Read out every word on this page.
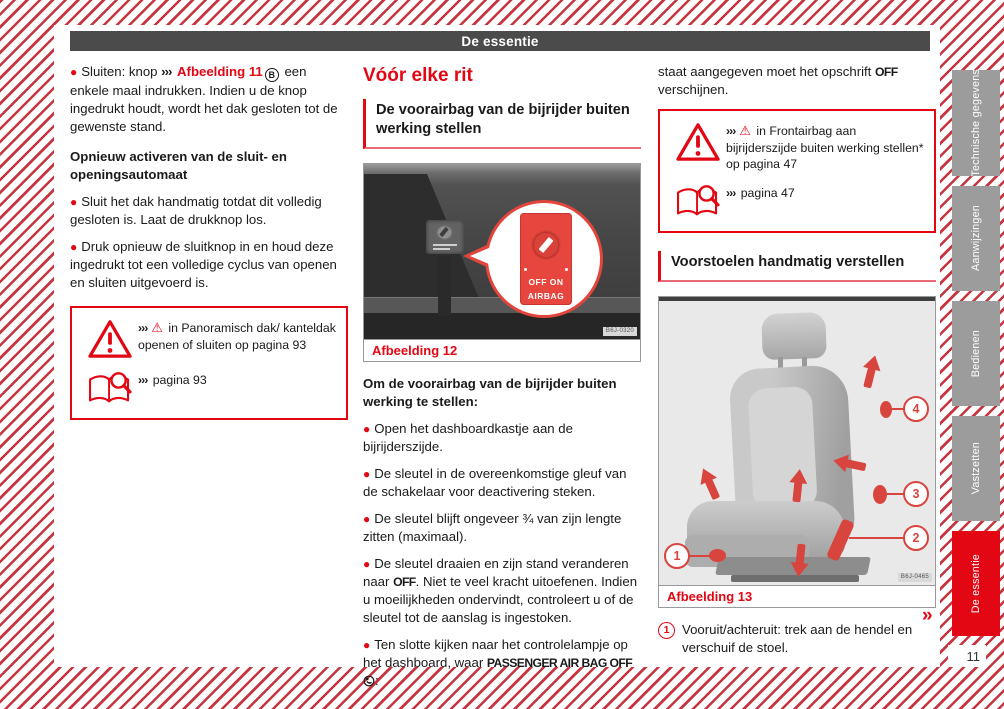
De essentie

● Sluiten: knop ››› Afbeelding 11 B een enkele maal indrukken. Indien u de knop ingedrukt houdt, wordt het dak gesloten tot de gewenste stand.

Opnieuw activeren van de sluit- en openingsautomaat

● Sluit het dak handmatig totdat dit volledig gesloten is. Laat de drukknop los.

● Druk opnieuw de sluitknop in en houd deze ingedrukt tot een volledige cyclus van openen en sluiten uitgevoerd is.

››› ⚠ in Panoramisch dak/ kanteldak openen of sluiten op pagina 93
››› pagina 93
Vóór elke rit
De voorairbag van de bijrijder buiten werking stellen
OFF ON
AIRBAG
B6J-0320
Afbeelding 12

Om de voorairbag van de bijrijder buiten werking te stellen:

● Open het dashboardkastje aan de bijrijderszijde.

● De sleutel in de overeenkomstige gleuf van de schakelaar voor deactivering steken.

● De sleutel blijft ongeveer ¾ van zijn lengte zitten (maximaal).

● De sleutel draaien en zijn stand veranderen naar OFF. Niet te veel kracht uitoefenen. Indien u moeilijkheden ondervindt, controleert u of de sleutel tot de aanslag is ingestoken.

● Ten slotte kijken naar het controlelampje op het dashboard, waar PASSENGER AIR BAG OFF :

staat aangegeven moet het opschrift OFF verschijnen.

››› ⚠ in Frontairbag aan bijrijderszijde buiten werking stellen* op pagina 47
››› pagina 47
Voorstoelen handmatig verstellen
4
3
2
1
B6J-0465
Afbeelding 13
1 Vooruit/achteruit: trek aan de hendel en verschuif de stoel.
»
Technische gegevens
Aanwijzingen
Bedienen
Vastzetten
De essentie
11
